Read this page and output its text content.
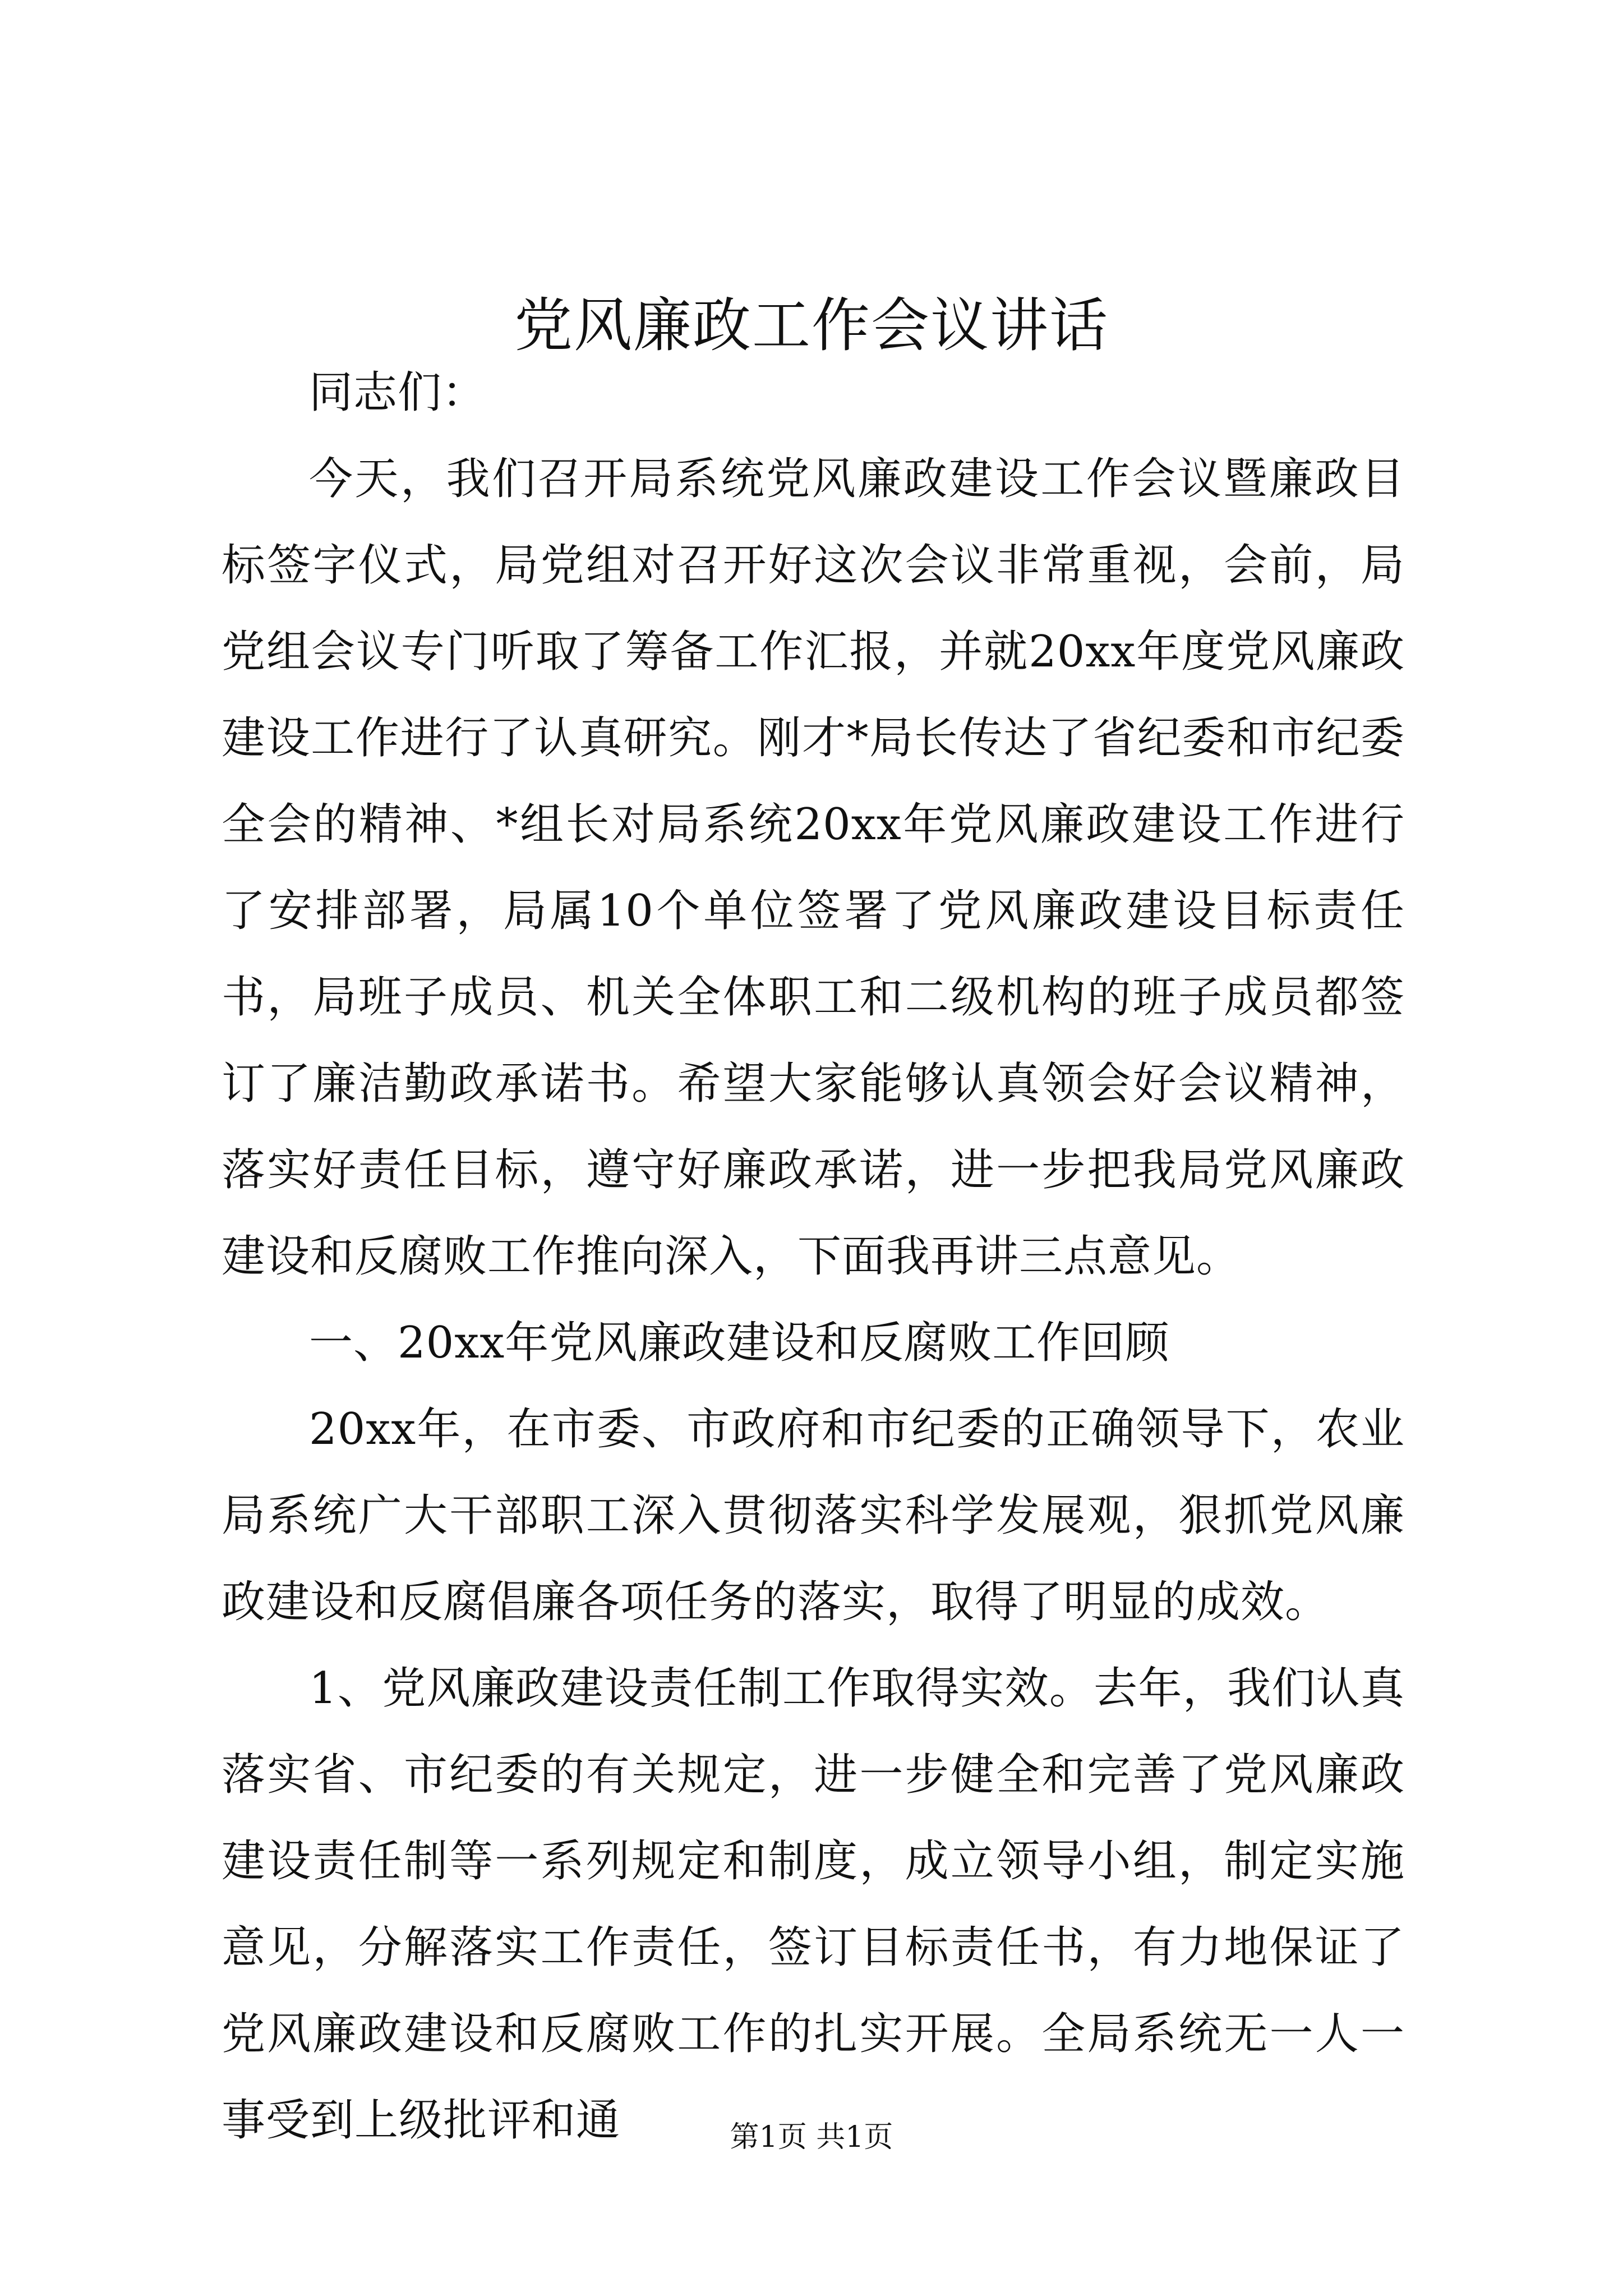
党风廉政工作会议讲话

同志们：

今天，我们召开局系统党风廉政建设工作会议暨廉政目标签字仪式，局党组对召开好这次会议非常重视，会前，局党组会议专门听取了筹备工作汇报，并就20xx年度党风廉政建设工作进行了认真研究。刚才*局长传达了省纪委和市纪委全会的精神、*组长对局系统20xx年党风廉政建设工作进行了安排部署，局属10个单位签署了党风廉政建设目标责任书，局班子成员、机关全体职工和二级机构的班子成员都签订了廉洁勤政承诺书。希望大家能够认真领会好会议精神，落实好责任目标，遵守好廉政承诺，进一步把我局党风廉政建设和反腐败工作推向深入，下面我再讲三点意见。

一、20xx年党风廉政建设和反腐败工作回顾

20xx年，在市委、市政府和市纪委的正确领导下，农业局系统广大干部职工深入贯彻落实科学发展观，狠抓党风廉政建设和反腐倡廉各项任务的落实，取得了明显的成效。

1、党风廉政建设责任制工作取得实效。去年，我们认真落实省、市纪委的有关规定，进一步健全和完善了党风廉政建设责任制等一系列规定和制度，成立领导小组，制定实施意见，分解落实工作责任，签订目标责任书，有力地保证了党风廉政建设和反腐败工作的扎实开展。全局系统无一人一事受到上级批评和通	第1页 共1页
